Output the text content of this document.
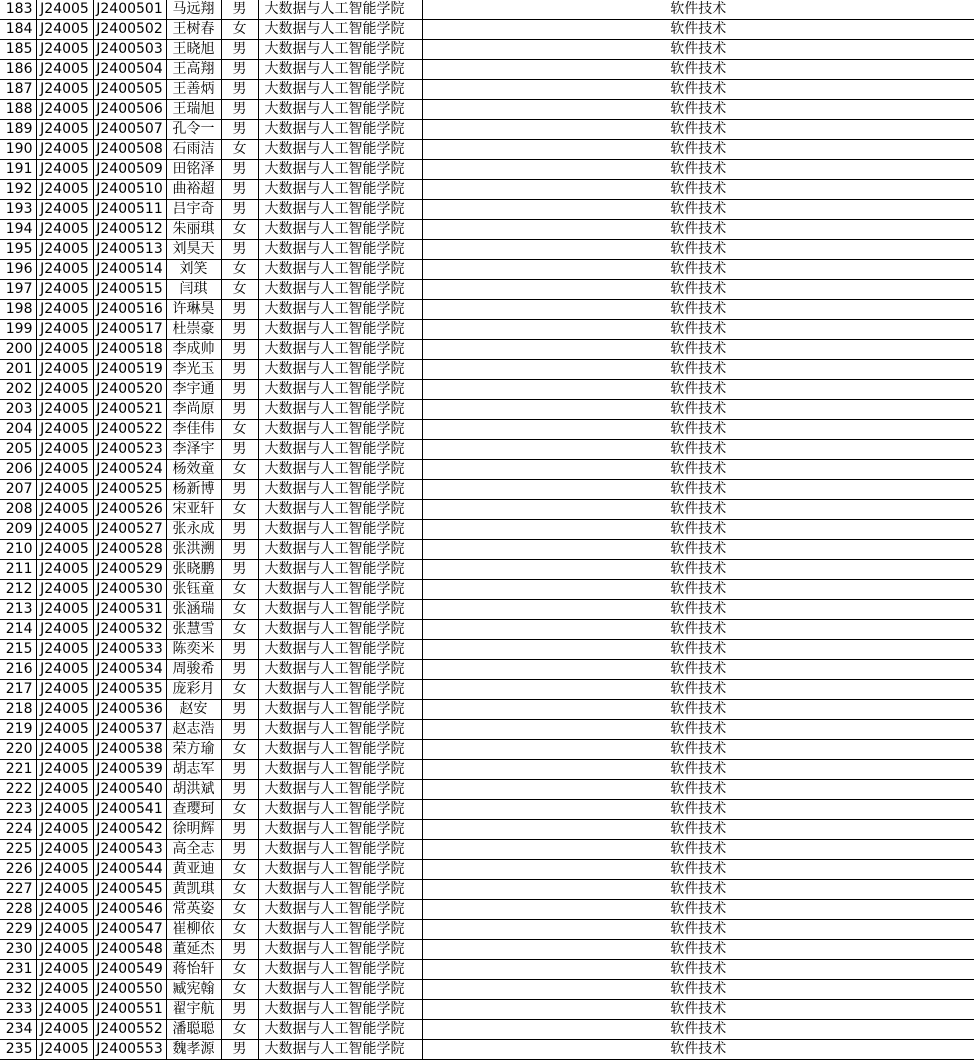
183	J24005	J2400501	马远翔	男	大数据与人工智能学院	软件技术
184	J24005	J2400502	王树春	女	大数据与人工智能学院	软件技术
185	J24005	J2400503	王晓旭	男	大数据与人工智能学院	软件技术
186	J24005	J2400504	王高翔	男	大数据与人工智能学院	软件技术
187	J24005	J2400505	王善炳	男	大数据与人工智能学院	软件技术
188	J24005	J2400506	王瑞旭	男	大数据与人工智能学院	软件技术
189	J24005	J2400507	孔令一	男	大数据与人工智能学院	软件技术
190	J24005	J2400508	石雨洁	女	大数据与人工智能学院	软件技术
191	J24005	J2400509	田铭泽	男	大数据与人工智能学院	软件技术
192	J24005	J2400510	曲裕超	男	大数据与人工智能学院	软件技术
193	J24005	J2400511	吕宇奇	男	大数据与人工智能学院	软件技术
194	J24005	J2400512	朱丽琪	女	大数据与人工智能学院	软件技术
195	J24005	J2400513	刘昊天	男	大数据与人工智能学院	软件技术
196	J24005	J2400514	刘笑	女	大数据与人工智能学院	软件技术
197	J24005	J2400515	闫琪	女	大数据与人工智能学院	软件技术
198	J24005	J2400516	许琳昊	男	大数据与人工智能学院	软件技术
199	J24005	J2400517	杜崇豪	男	大数据与人工智能学院	软件技术
200	J24005	J2400518	李成帅	男	大数据与人工智能学院	软件技术
201	J24005	J2400519	李光玉	男	大数据与人工智能学院	软件技术
202	J24005	J2400520	李宇通	男	大数据与人工智能学院	软件技术
203	J24005	J2400521	李尚原	男	大数据与人工智能学院	软件技术
204	J24005	J2400522	李佳伟	女	大数据与人工智能学院	软件技术
205	J24005	J2400523	李泽宇	男	大数据与人工智能学院	软件技术
206	J24005	J2400524	杨效童	女	大数据与人工智能学院	软件技术
207	J24005	J2400525	杨新博	男	大数据与人工智能学院	软件技术
208	J24005	J2400526	宋亚轩	女	大数据与人工智能学院	软件技术
209	J24005	J2400527	张永成	男	大数据与人工智能学院	软件技术
210	J24005	J2400528	张洪溯	男	大数据与人工智能学院	软件技术
211	J24005	J2400529	张晓鹏	男	大数据与人工智能学院	软件技术
212	J24005	J2400530	张钰童	女	大数据与人工智能学院	软件技术
213	J24005	J2400531	张涵瑞	女	大数据与人工智能学院	软件技术
214	J24005	J2400532	张慧雪	女	大数据与人工智能学院	软件技术
215	J24005	J2400533	陈奕米	男	大数据与人工智能学院	软件技术
216	J24005	J2400534	周骏希	男	大数据与人工智能学院	软件技术
217	J24005	J2400535	庞彩月	女	大数据与人工智能学院	软件技术
218	J24005	J2400536	赵安	男	大数据与人工智能学院	软件技术
219	J24005	J2400537	赵志浩	男	大数据与人工智能学院	软件技术
220	J24005	J2400538	荣方瑜	女	大数据与人工智能学院	软件技术
221	J24005	J2400539	胡志军	男	大数据与人工智能学院	软件技术
222	J24005	J2400540	胡洪斌	男	大数据与人工智能学院	软件技术
223	J24005	J2400541	查璎珂	女	大数据与人工智能学院	软件技术
224	J24005	J2400542	徐明辉	男	大数据与人工智能学院	软件技术
225	J24005	J2400543	高全志	男	大数据与人工智能学院	软件技术
226	J24005	J2400544	黄亚迪	女	大数据与人工智能学院	软件技术
227	J24005	J2400545	黄凯琪	女	大数据与人工智能学院	软件技术
228	J24005	J2400546	常英姿	女	大数据与人工智能学院	软件技术
229	J24005	J2400547	崔柳依	女	大数据与人工智能学院	软件技术
230	J24005	J2400548	董延杰	男	大数据与人工智能学院	软件技术
231	J24005	J2400549	蒋怡轩	女	大数据与人工智能学院	软件技术
232	J24005	J2400550	臧宪翰	女	大数据与人工智能学院	软件技术
233	J24005	J2400551	翟宇航	男	大数据与人工智能学院	软件技术
234	J24005	J2400552	潘聪聪	女	大数据与人工智能学院	软件技术
235	J24005	J2400553	魏孝源	男	大数据与人工智能学院	软件技术
